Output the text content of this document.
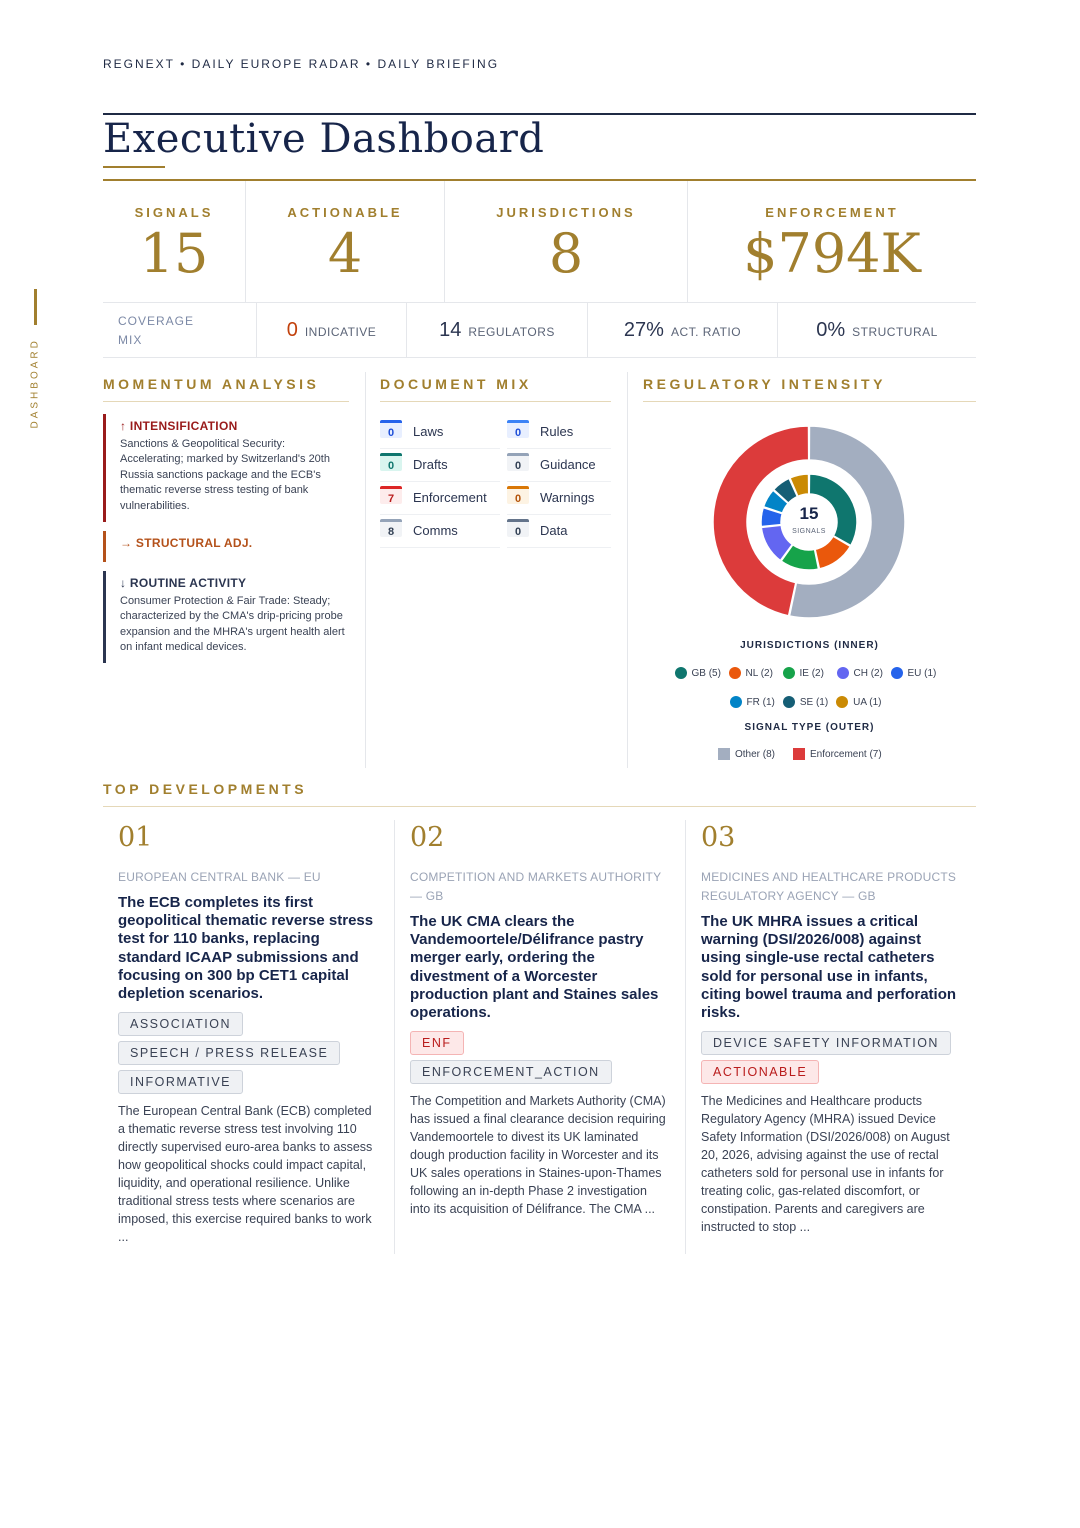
REGNEXT • DAILY EUROPE RADAR • DAILY BRIEFING
DASHBOARD
Executive Dashboard
SIGNALS
15
ACTIONABLE
4
JURISDICTIONS
8
ENFORCEMENT
$794K
COVERAGE MIX	0 INDICATIVE	14 REGULATORS	27% ACT. RATIO	0% STRUCTURAL
MOMENTUM ANALYSIS
↑ INTENSIFICATION
Sanctions & Geopolitical Security: Accelerating; marked by Switzerland's 20th Russia sanctions package and the ECB's thematic reverse stress testing of bank vulnerabilities.
→ STRUCTURAL ADJ.
↓ ROUTINE ACTIVITY
Consumer Protection & Fair Trade: Steady; characterized by the CMA's drip-pricing probe expansion and the MHRA's urgent health alert on infant medical devices.
DOCUMENT MIX
0	Laws	0	Rules
0	Drafts	0	Guidance
7	Enforcement	0	Warnings
8	Comms	0	Data
REGULATORY INTENSITY
15
SIGNALS
JURISDICTIONS (INNER)
GB (5) NL (2)	IE (2)	CH (2) EU (1)
FR (1) SE (1) UA (1)
SIGNAL TYPE (OUTER)
Other (8)	Enforcement (7)
TOP DEVELOPMENTS
01
EUROPEAN CENTRAL BANK — EU
The ECB completes its first geopolitical thematic reverse stress test for 110 banks, replacing standard ICAAP submissions and focusing on 300 bp CET1 capital depletion scenarios.
ASSOCIATION
SPEECH / PRESS RELEASE
INFORMATIVE
The European Central Bank (ECB) completed a thematic reverse stress test involving 110 directly supervised euro-area banks to assess how geopolitical shocks could impact capital, liquidity, and operational resilience. Unlike traditional stress tests where scenarios are imposed, this exercise required banks to work ...
02
COMPETITION AND MARKETS AUTHORITY — GB
The UK CMA clears the Vandemoortele/Délifrance pastry merger early, ordering the divestment of a Worcester production plant and Staines sales operations.
ENFENFORCEMENT_ACTION
The Competition and Markets Authority (CMA) has issued a final clearance decision requiring Vandemoortele to divest its UK laminated dough production facility in Worcester and its UK sales operations in Staines-upon-Thames following an in-depth Phase 2 investigation into its acquisition of Délifrance. The CMA ...
03
MEDICINES AND HEALTHCARE PRODUCTS REGULATORY AGENCY — GB
The UK MHRA issues a critical warning (DSI/2026/008) against using single-use rectal catheters sold for personal use in infants, citing bowel trauma and perforation risks.
DEVICE SAFETY INFORMATION
ACTIONABLE
The Medicines and Healthcare products Regulatory Agency (MHRA) issued Device Safety Information (DSI/2026/008) on August 20, 2026, advising against the use of rectal catheters sold for personal use in infants for treating colic, gas-related discomfort, or constipation. Parents and caregivers are instructed to stop ...
